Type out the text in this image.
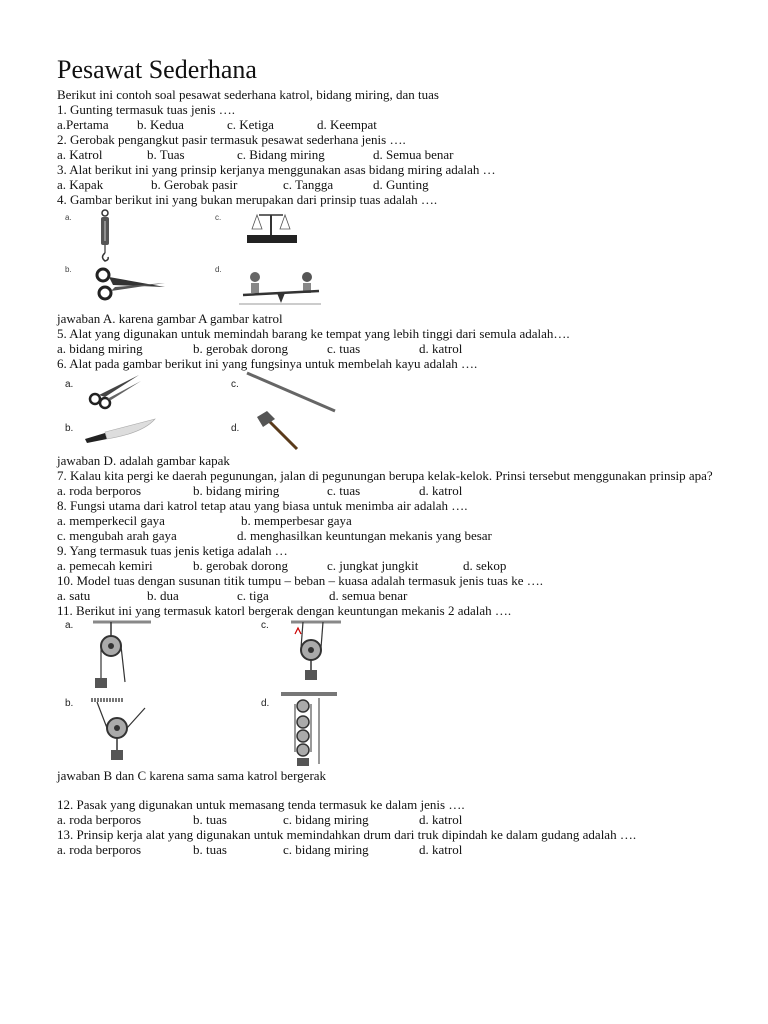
Pesawat Sederhana
Berikut ini contoh soal pesawat sederhana katrol, bidang miring, dan tuas
1. Gunting termasuk tuas jenis ….
a.Pertama	b. Kedua	c. Ketiga	d. Keempat
2. Gerobak pengangkut pasir termasuk pesawat sederhana jenis ….
a. Katrol	b. Tuas	c. Bidang miring	d. Semua benar
3. Alat berikut ini yang prinsip kerjanya menggunakan asas bidang miring adalah …
a. Kapak	b. Gerobak pasir	c. Tangga	d. Gunting
4. Gambar berikut ini yang bukan merupakan dari prinsip tuas adalah ….
a.	c.
b.	d.
jawaban A. karena gambar A gambar katrol
5. Alat yang digunakan untuk memindah barang ke tempat yang lebih tinggi dari semula adalah….
a. bidang miring	b. gerobak dorong	c. tuas	d. katrol
6. Alat pada gambar berikut ini yang fungsinya untuk membelah kayu adalah ….
a.	c.
b.	d.
jawaban D. adalah gambar kapak
7. Kalau kita pergi ke daerah pegunungan, jalan di pegunungan berupa kelak-kelok. Prinsi tersebut menggunakan prinsip apa?
a. roda berporos	b. bidang miring	c. tuas	d. katrol
8. Fungsi utama dari katrol tetap atau yang biasa untuk menimba air adalah ….
a. memperkecil gaya	b. memperbesar gaya
c. mengubah arah gaya	d. menghasilkan keuntungan mekanis yang besar
9. Yang termasuk tuas jenis ketiga adalah …
a. pemecah kemiri	b. gerobak dorong	c. jungkat jungkit	d. sekop
10. Model tuas dengan susunan titik tumpu – beban – kuasa adalah termasuk jenis tuas ke ….
a. satu	b. dua	c. tiga	d. semua benar
11. Berikut ini yang termasuk katorl bergerak dengan keuntungan mekanis 2 adalah ….
a.	c.
b.	d.
jawaban B dan C karena sama sama katrol bergerak
12. Pasak yang digunakan untuk memasang tenda termasuk ke dalam jenis ….
a. roda berporos	b. tuas	c. bidang miring	d. katrol
13. Prinsip kerja alat yang digunakan untuk memindahkan drum dari truk dipindah ke dalam gudang adalah ….
a. roda berporos	b. tuas	c. bidang miring	d. katrol
